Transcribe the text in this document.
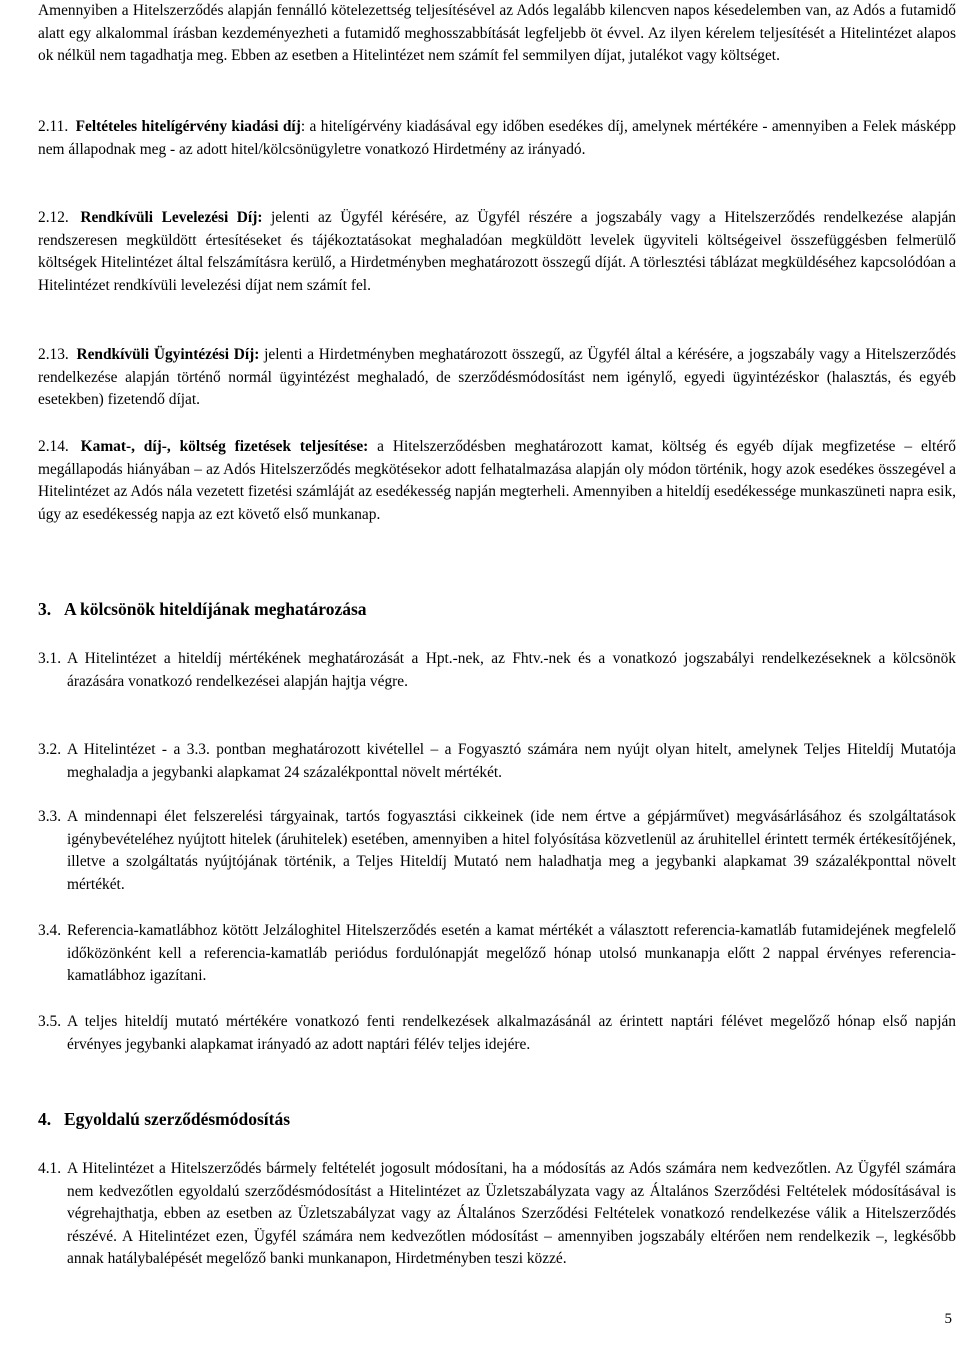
Amennyiben a Hitelszerződés alapján fennálló kötelezettség teljesítésével az Adós legalább kilencven napos késedelemben van, az Adós a futamidő alatt egy alkalommal írásban kezdeményezheti a futamidő meghosszabbítását legfeljebb öt évvel. Az ilyen kérelem teljesítését a Hitelintézet alapos ok nélkül nem tagadhatja meg. Ebben az esetben a Hitelintézet nem számít fel semmilyen díjat, jutalékot vagy költséget.

2.11. Feltételes hitelígérvény kiadási díj: a hitelígérvény kiadásával egy időben esedékes díj, amelynek mértékére - amennyiben a Felek másképp nem állapodnak meg - az adott hitel/kölcsönügyletre vonatkozó Hirdetmény az irányadó.

2.12. Rendkívüli Levelezési Díj: jelenti az Ügyfél kérésére, az Ügyfél részére a jogszabály vagy a Hitelszerződés rendelkezése alapján rendszeresen megküldött értesítéseket és tájékoztatásokat meghaladóan megküldött levelek ügyviteli költségeivel összefüggésben felmerülő költségek Hitelintézet által felszámításra kerülő, a Hirdetményben meghatározott összegű díját. A törlesztési táblázat megküldéséhez kapcsolódóan a Hitelintézet rendkívüli levelezési díjat nem számít fel.

2.13. Rendkívüli Ügyintézési Díj: jelenti a Hirdetményben meghatározott összegű, az Ügyfél által a kérésére, a jogszabály vagy a Hitelszerződés rendelkezése alapján történő normál ügyintézést meghaladó, de szerződésmódosítást nem igénylő, egyedi ügyintézéskor (halasztás, és egyéb esetekben) fizetendő díjat.

2.14. Kamat-, díj-, költség fizetések teljesítése: a Hitelszerződésben meghatározott kamat, költség és egyéb díjak megfizetése – eltérő megállapodás hiányában – az Adós Hitelszerződés megkötésekor adott felhatalmazása alapján oly módon történik, hogy azok esedékes összegével a Hitelintézet az Adós nála vezetett fizetési számláját az esedékesség napján megterheli. Amennyiben a hiteldíj esedékessége munkaszüneti napra esik, úgy az esedékesség napja az ezt követő első munkanap.

3. A kölcsönök hiteldíjának meghatározása
3.1. A Hitelintézet a hiteldíj mértékének meghatározását a Hpt.-nek, az Fhtv.-nek és a vonatkozó jogszabályi rendelkezéseknek a kölcsönök árazására vonatkozó rendelkezései alapján hajtja végre.

3.2. A Hitelintézet - a 3.3. pontban meghatározott kivétellel – a Fogyasztó számára nem nyújt olyan hitelt, amelynek Teljes Hiteldíj Mutatója meghaladja a jegybanki alapkamat 24 százalékponttal növelt mértékét.

3.3. A mindennapi élet felszerelési tárgyainak, tartós fogyasztási cikkeinek (ide nem értve a gépjárművet) megvásárlásához és szolgáltatások igénybevételéhez nyújtott hitelek (áruhitelek) esetében, amennyiben a hitel folyósítása közvetlenül az áruhitellel érintett termék értékesítőjének, illetve a szolgáltatás nyújtójának történik, a Teljes Hiteldíj Mutató nem haladhatja meg a jegybanki alapkamat 39 százalékponttal növelt mértékét.

3.4. Referencia-kamatlábhoz kötött Jelzáloghitel Hitelszerződés esetén a kamat mértékét a választott referencia-kamatláb futamidejének megfelelő időközönként kell a referencia-kamatláb periódus fordulónapját megelőző hónap utolsó munkanapja előtt 2 nappal érvényes referencia-kamatlábhoz igazítani.

3.5. A teljes hiteldíj mutató mértékére vonatkozó fenti rendelkezések alkalmazásánál az érintett naptári félévet megelőző hónap első napján érvényes jegybanki alapkamat irányadó az adott naptári félév teljes idejére.

4. Egyoldalú szerződésmódosítás
4.1. A Hitelintézet a Hitelszerződés bármely feltételét jogosult módosítani, ha a módosítás az Adós számára nem kedvezőtlen. Az Ügyfél számára nem kedvezőtlen egyoldalú szerződésmódosítást a Hitelintézet az Üzletszabályzata vagy az Általános Szerződési Feltételek módosításával is végrehajthatja, ebben az esetben az Üzletszabályzat vagy az Általános Szerződési Feltételek vonatkozó rendelkezése válik a Hitelszerződés részévé. A Hitelintézet ezen, Ügyfél számára nem kedvezőtlen módosítást – amennyiben jogszabály eltérően nem rendelkezik –, legkésőbb annak hatálybalépését megelőző banki munkanapon, Hirdetményben teszi közzé.

5
